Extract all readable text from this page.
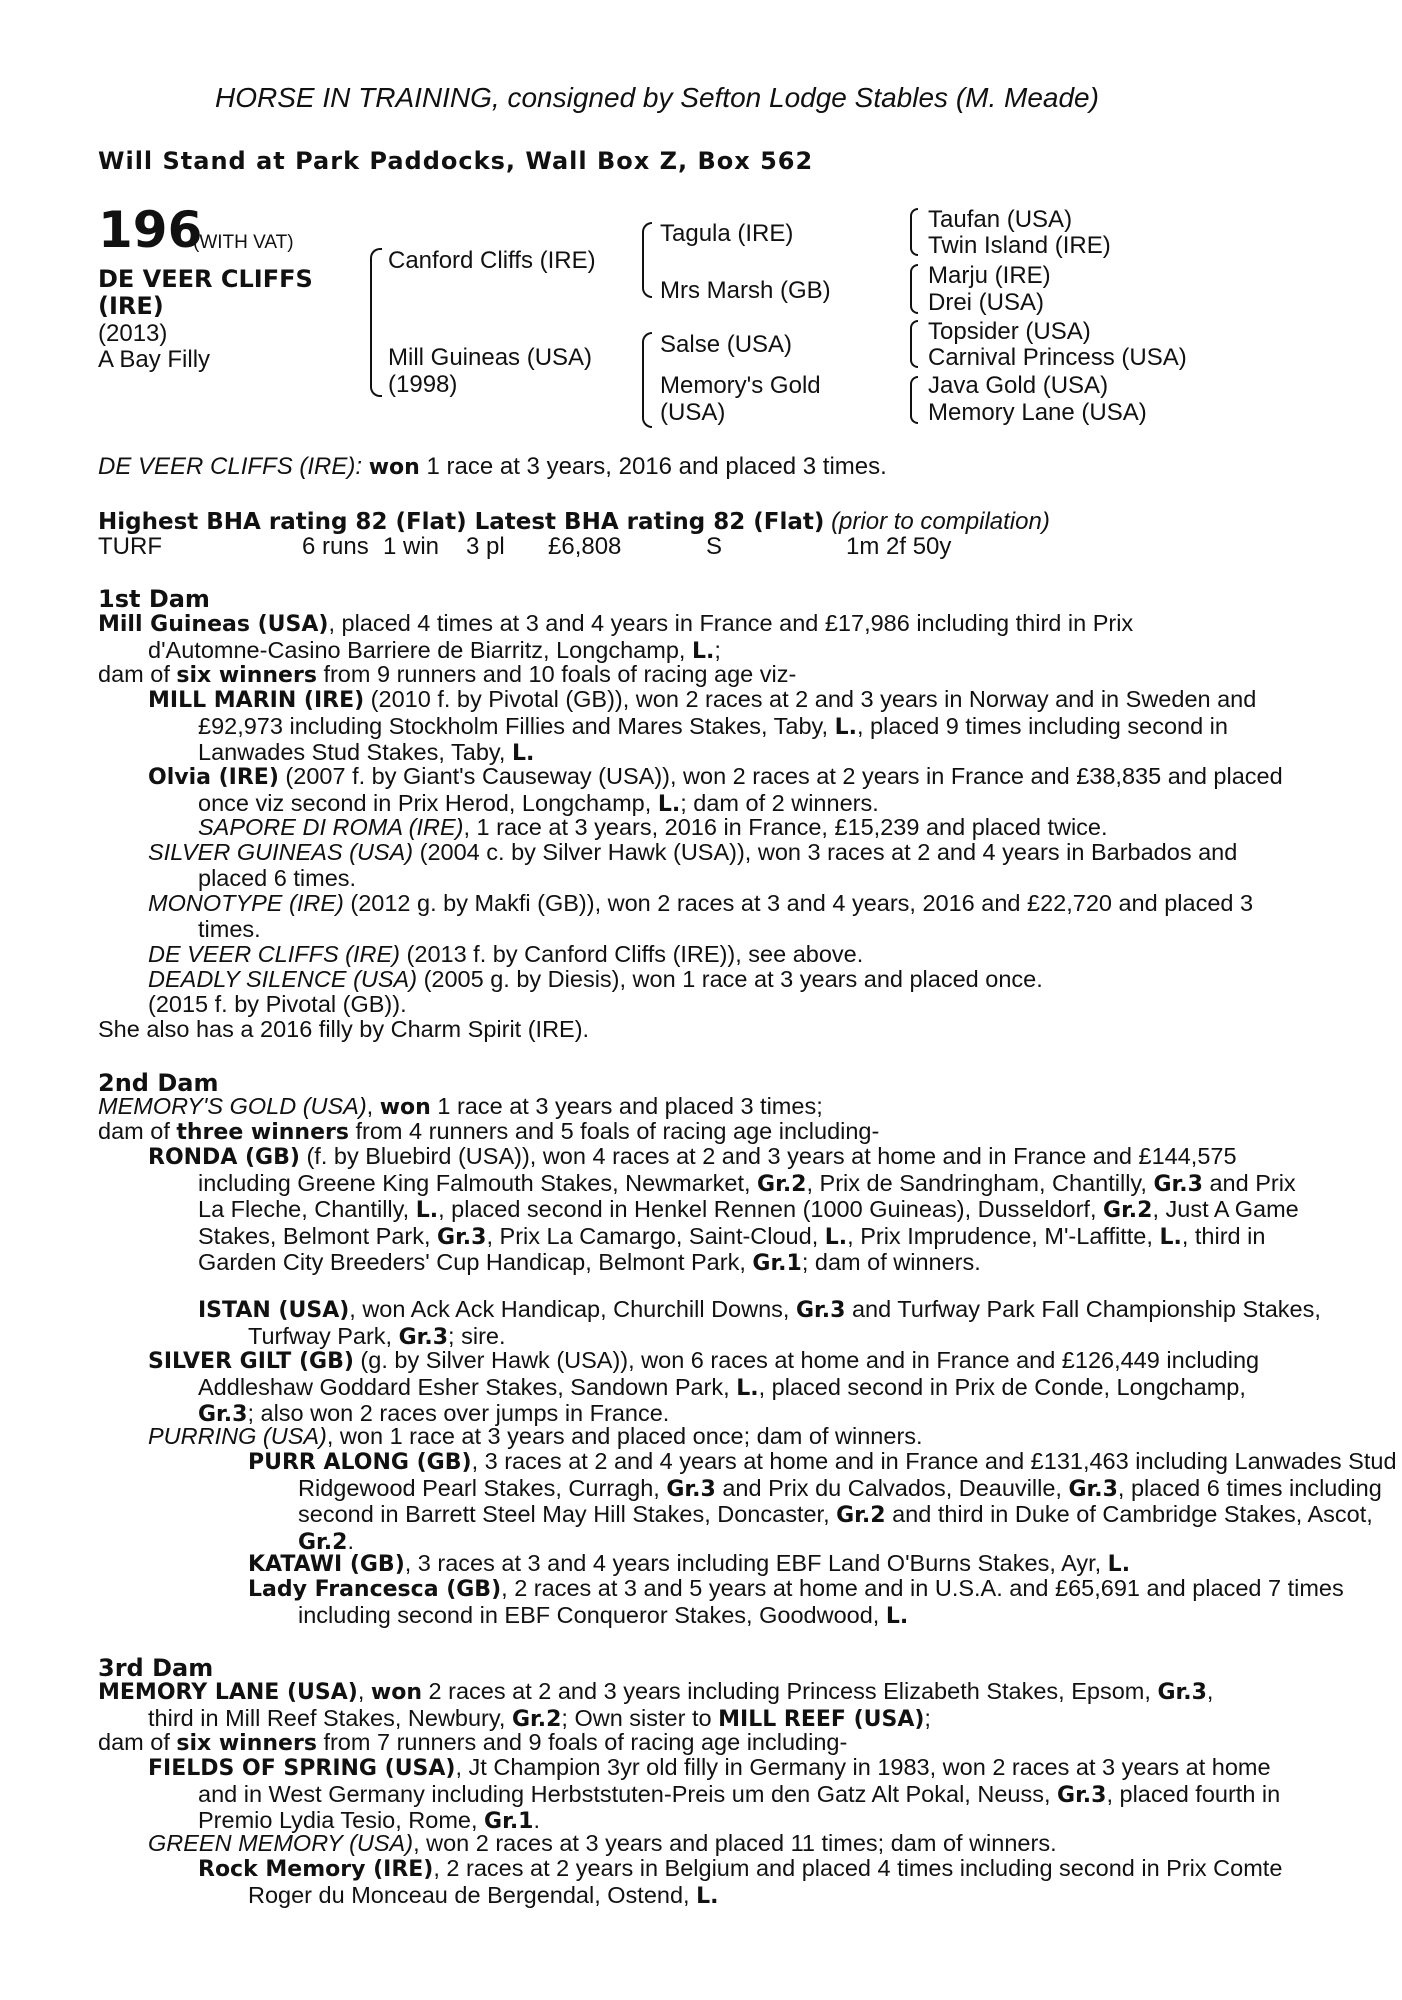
HORSE IN TRAINING, consigned by Sefton Lodge Stables (M. Meade)
Will Stand at Park Paddocks, Wall Box Z, Box 562
196
(WITH VAT)
DE VEER CLIFFS
(IRE)
(2013)
A Bay Filly
Canford Cliffs (IRE)
Mill Guineas (USA)
(1998)
Tagula (IRE)
Mrs Marsh (GB)
Salse (USA)
Memory's Gold
(USA)
Taufan (USA)
Twin Island (IRE)
Marju (IRE)
Drei (USA)
Topsider (USA)
Carnival Princess (USA)
Java Gold (USA)
Memory Lane (USA)
DE VEER CLIFFS (IRE): won 1 race at 3 years, 2016 and placed 3 times.
Highest BHA rating 82 (Flat) Latest BHA rating 82 (Flat) (prior to compilation)
TURF	6 runs 1 win 3 pl £6,808	S	1m 2f 50y
1st Dam
Mill Guineas (USA), placed 4 times at 3 and 4 years in France and £17,986 including third in Prix d'Automne-Casino Barriere de Biarritz, Longchamp, L.;
dam of six winners from 9 runners and 10 foals of racing age viz-
MILL MARIN (IRE) (2010 f. by Pivotal (GB)), won 2 races at 2 and 3 years in Norway and in Sweden and £92,973 including Stockholm Fillies and Mares Stakes, Taby, L., placed 9 times including second in Lanwades Stud Stakes, Taby, L.
Olvia (IRE) (2007 f. by Giant's Causeway (USA)), won 2 races at 2 years in France and £38,835 and placed once viz second in Prix Herod, Longchamp, L.; dam of 2 winners.
SAPORE DI ROMA (IRE), 1 race at 3 years, 2016 in France, £15,239 and placed twice.
SILVER GUINEAS (USA) (2004 c. by Silver Hawk (USA)), won 3 races at 2 and 4 years in Barbados and placed 6 times.
MONOTYPE (IRE) (2012 g. by Makfi (GB)), won 2 races at 3 and 4 years, 2016 and £22,720 and placed 3 times.
DE VEER CLIFFS (IRE) (2013 f. by Canford Cliffs (IRE)), see above.
DEADLY SILENCE (USA) (2005 g. by Diesis), won 1 race at 3 years and placed once.
(2015 f. by Pivotal (GB)).
She also has a 2016 filly by Charm Spirit (IRE).
2nd Dam
MEMORY'S GOLD (USA), won 1 race at 3 years and placed 3 times;
dam of three winners from 4 runners and 5 foals of racing age including-
RONDA (GB) (f. by Bluebird (USA)), won 4 races at 2 and 3 years at home and in France and £144,575 including Greene King Falmouth Stakes, Newmarket, Gr.2, Prix de Sandringham, Chantilly, Gr.3 and Prix La Fleche, Chantilly, L., placed second in Henkel Rennen (1000 Guineas), Dusseldorf, Gr.2, Just A Game Stakes, Belmont Park, Gr.3, Prix La Camargo, Saint-Cloud, L., Prix Imprudence, M'-Laffitte, L., third in Garden City Breeders' Cup Handicap, Belmont Park, Gr.1; dam of winners.
ISTAN (USA), won Ack Ack Handicap, Churchill Downs, Gr.3 and Turfway Park Fall Championship Stakes, Turfway Park, Gr.3; sire.
SILVER GILT (GB) (g. by Silver Hawk (USA)), won 6 races at home and in France and £126,449 including Addleshaw Goddard Esher Stakes, Sandown Park, L., placed second in Prix de Conde, Longchamp, Gr.3; also won 2 races over jumps in France.
PURRING (USA), won 1 race at 3 years and placed once; dam of winners.
PURR ALONG (GB), 3 races at 2 and 4 years at home and in France and £131,463 including Lanwades Stud Ridgewood Pearl Stakes, Curragh, Gr.3 and Prix du Calvados, Deauville, Gr.3, placed 6 times including second in Barrett Steel May Hill Stakes, Doncaster, Gr.2 and third in Duke of Cambridge Stakes, Ascot, Gr.2.
KATAWI (GB), 3 races at 3 and 4 years including EBF Land O'Burns Stakes, Ayr, L.
Lady Francesca (GB), 2 races at 3 and 5 years at home and in U.S.A. and £65,691 and placed 7 times including second in EBF Conqueror Stakes, Goodwood, L.
3rd Dam
MEMORY LANE (USA), won 2 races at 2 and 3 years including Princess Elizabeth Stakes, Epsom, Gr.3, third in Mill Reef Stakes, Newbury, Gr.2; Own sister to MILL REEF (USA);
dam of six winners from 7 runners and 9 foals of racing age including-
FIELDS OF SPRING (USA), Jt Champion 3yr old filly in Germany in 1983, won 2 races at 3 years at home and in West Germany including Herbststuten-Preis um den Gatz Alt Pokal, Neuss, Gr.3, placed fourth in Premio Lydia Tesio, Rome, Gr.1.
GREEN MEMORY (USA), won 2 races at 3 years and placed 11 times; dam of winners.
Rock Memory (IRE), 2 races at 2 years in Belgium and placed 4 times including second in Prix Comte Roger du Monceau de Bergendal, Ostend, L.
